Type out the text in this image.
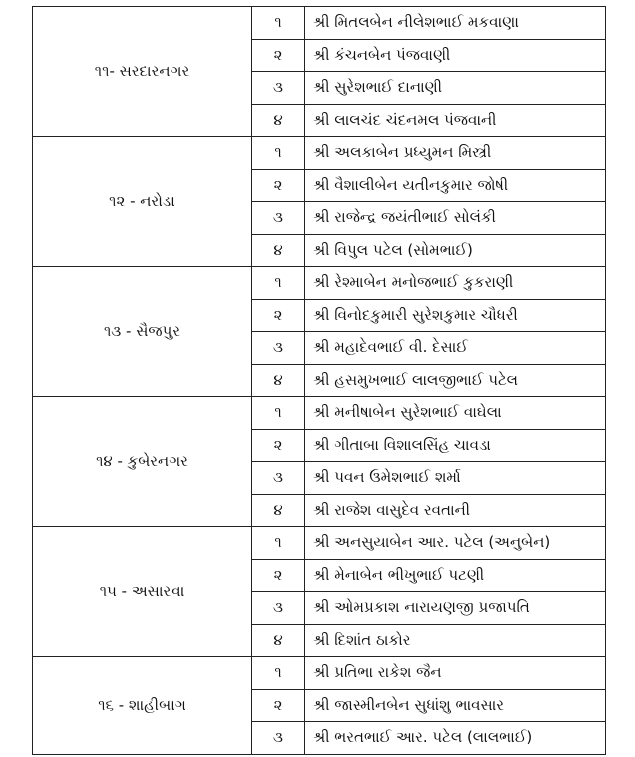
૧૧- સરદારનગર	૧	શ્રી મિતલબેન નીલેશભાઈ મકવાણા
	૨	શ્રી કંચનબેન પંજવાણી
	૩	શ્રી સુરેશભાઈ દાનાણી
	૪	શ્રી લાલચંદ ચંદનમલ પંજવાની
૧૨ - નરોડા	૧	શ્રી અલકાબેન પ્રધ્યુમન મિસ્ત્રી
	૨	શ્રી વૈશાલીબેન યતીનકુમાર જોષી
	૩	શ્રી રાજેન્દ્ર જયંતીભાઈ સોલંકી
	૪	શ્રી વિપુલ પટેલ (સોમભાઈ)
૧૩ - સૈજપુર	૧	શ્રી રેશ્માબેન મનોજભાઈ કુકરાણી
	૨	શ્રી વિનોદકુમારી સુરેશકુમાર ચૌધરી
	૩	શ્રી મહાદેવભાઈ વી. દેસાઈ
	૪	શ્રી હસમુખભાઈ લાલજીભાઈ પટેલ
૧૪ - કુબેરનગર	૧	શ્રી મનીષાબેન સુરેશભાઈ વાઘેલા
	૨	શ્રી ગીતાબા વિશાલસિંહ ચાવડા
	૩	શ્રી પવન ઉમેશભાઈ શર્મા
	૪	શ્રી રાજેશ વાસુદેવ રવતાની
૧૫ - અસારવા	૧	શ્રી અનસુયાબેન આર. પટેલ (અનુબેન)
	૨	શ્રી મેનાબેન ભીખુભાઈ પટણી
	૩	શ્રી ઓમપ્રકાશ નારાયણજી પ્રજાપતિ
	૪	શ્રી દિશાંત ઠાકોર
૧૬ - શાહીબાગ	૧	શ્રી પ્રતિભા રાકેશ જૈન
	૨	શ્રી જાસ્મીનબેન સુધાંશુ ભાવસાર
	૩	શ્રી ભરતભાઈ આર. પટેલ (લાલભાઈ)
